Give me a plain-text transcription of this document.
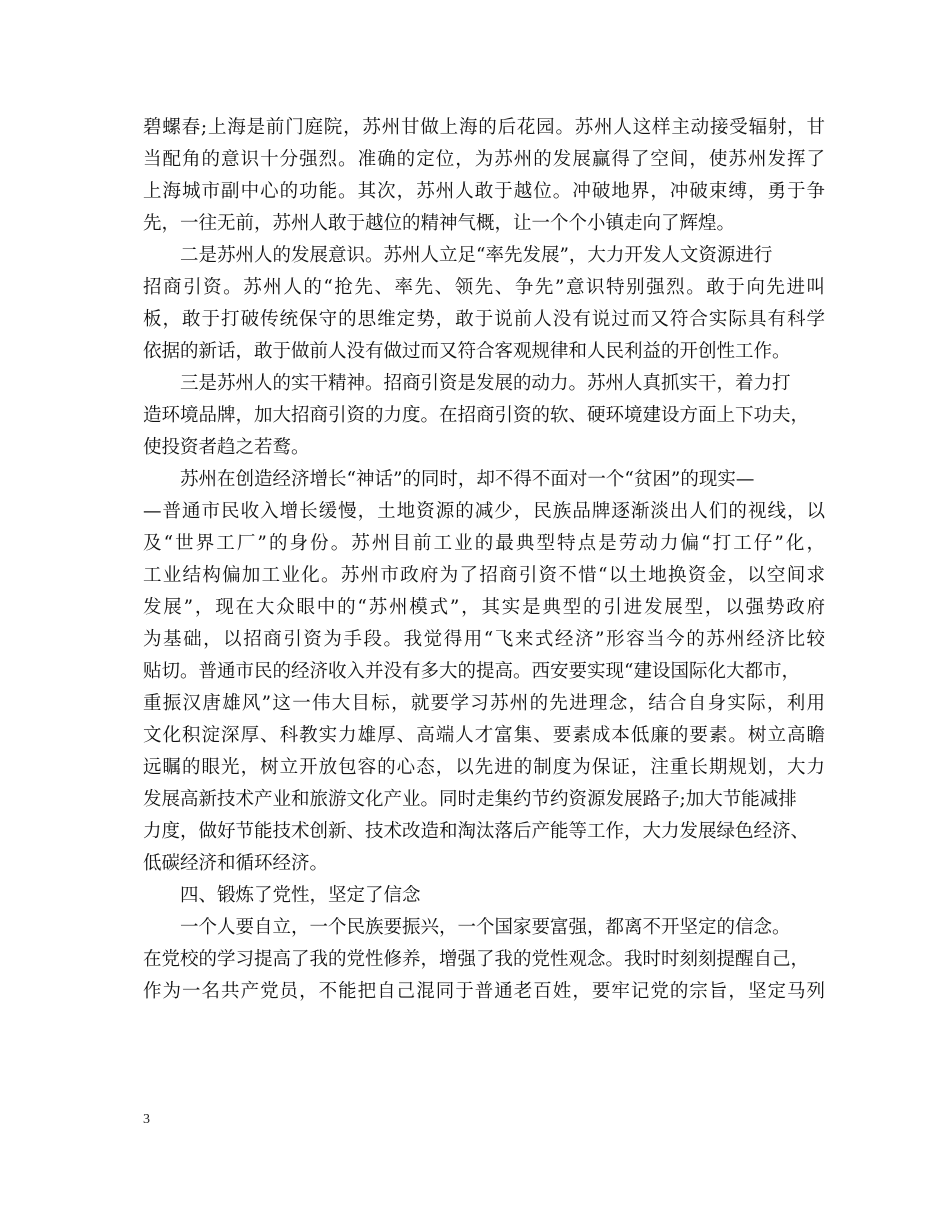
碧螺春;上海是前门庭院，苏州甘做上海的后花园。苏州人这样主动接受辐射，甘
当配角的意识十分强烈。准确的定位，为苏州的发展赢得了空间，使苏州发挥了
上海城市副中心的功能。其次，苏州人敢于越位。冲破地界，冲破束缚，勇于争
先，一往无前，苏州人敢于越位的精神气概，让一个个小镇走向了辉煌。
二是苏州人的发展意识。苏州人立足“率先发展”，大力开发人文资源进行
招商引资。苏州人的“抢先、率先、领先、争先”意识特别强烈。敢于向先进叫
板，敢于打破传统保守的思维定势，敢于说前人没有说过而又符合实际具有科学
依据的新话，敢于做前人没有做过而又符合客观规律和人民利益的开创性工作。
三是苏州人的实干精神。招商引资是发展的动力。苏州人真抓实干，着力打
造环境品牌，加大招商引资的力度。在招商引资的软、硬环境建设方面上下功夫，
使投资者趋之若鹜。
苏州在创造经济增长“神话”的同时，却不得不面对一个“贫困”的现实—
—普通市民收入增长缓慢，土地资源的减少，民族品牌逐渐淡出人们的视线，以
及“世界工厂”的身份。苏州目前工业的最典型特点是劳动力偏“打工仔”化，
工业结构偏加工业化。苏州市政府为了招商引资不惜“以土地换资金，以空间求
发展”，现在大众眼中的“苏州模式”，其实是典型的引进发展型，以强势政府
为基础，以招商引资为手段。我觉得用“飞来式经济”形容当今的苏州经济比较
贴切。普通市民的经济收入并没有多大的提高。西安要实现“建设国际化大都市，
重振汉唐雄风”这一伟大目标，就要学习苏州的先进理念，结合自身实际，利用
文化积淀深厚、科教实力雄厚、高端人才富集、要素成本低廉的要素。树立高瞻
远瞩的眼光，树立开放包容的心态，以先进的制度为保证，注重长期规划，大力
发展高新技术产业和旅游文化产业。同时走集约节约资源发展路子;加大节能减排
力度，做好节能技术创新、技术改造和淘汰落后产能等工作，大力发展绿色经济、
低碳经济和循环经济。
四、锻炼了党性，坚定了信念
一个人要自立，一个民族要振兴，一个国家要富强，都离不开坚定的信念。
在党校的学习提高了我的党性修养，增强了我的党性观念。我时时刻刻提醒自己，
作为一名共产党员，不能把自己混同于普通老百姓，要牢记党的宗旨，坚定马列
3
